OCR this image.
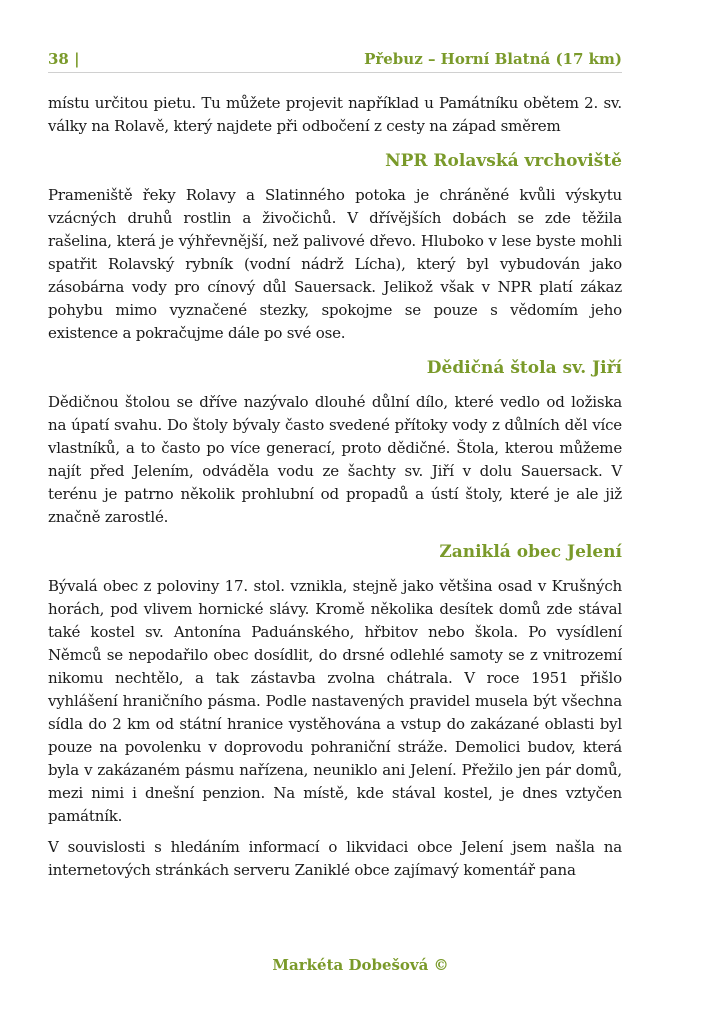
38 |	Přebuz – Horní Blatná (17 km)

místu určitou pietu. Tu můžete projevit například u Památníku obětem 2. sv. války na Rolavě, který najdete při odbočení z cesty na západ směrem

NPR Rolavská vrchoviště

Prameniště řeky Rolavy a Slatinného potoka je chráněné kvůli výskytu vzácných druhů rostlin a živočichů. V dřívějších dobách se zde těžila rašelina, která je výhřevnější, než palivové dřevo. Hluboko v lese byste mohli spatřit Rolavský rybník (vodní nádrž Lícha), který byl vybudován jako zásobárna vody pro cínový důl Sauersack. Jelikož však v NPR platí zákaz pohybu mimo vyznačené stezky, spokojme se pouze s vědomím jeho existence a pokračujme dále po své ose.

Dědičná štola sv. Jiří

Dědičnou štolou se dříve nazývalo dlouhé důlní dílo, které vedlo od ložiska na úpatí svahu. Do štoly bývaly často svedené přítoky vody z důlních děl více vlastníků, a to často po více generací, proto dědičné. Štola, kterou můžeme najít před Jelením, odváděla vodu ze šachty sv. Jiří v dolu Sauersack. V terénu je patrno několik prohlubní od propadů a ústí štoly, které je ale již značně zarostlé.

Zaniklá obec Jelení

Bývalá obec z poloviny 17. stol. vznikla, stejně jako většina osad v Krušných horách, pod vlivem hornické slávy. Kromě několika desítek domů zde stával také kostel sv. Antonína Paduánského, hřbitov nebo škola. Po vysídlení Němců se nepodařilo obec dosídlit, do drsné odlehlé samoty se z vnitrozemí nikomu nechtělo, a tak zástavba zvolna chátrala. V roce 1951 přišlo vyhlášení hraničního pásma. Podle nastavených pravidel musela být všechna sídla do 2 km od státní hranice vystěhována a vstup do zakázané oblasti byl pouze na povolenku v doprovodu pohraniční stráže. Demolici budov, která byla v zakázaném pásmu nařízena, neuniklo ani Jelení. Přežilo jen pár domů, mezi nimi i dnešní penzion. Na místě, kde stával kostel, je dnes vztyčen památník.

V souvislosti s hledáním informací o likvidaci obce Jelení jsem našla na internetových stránkách serveru Zaniklé obce zajímavý komentář pana

Markéta Dobešová ©
